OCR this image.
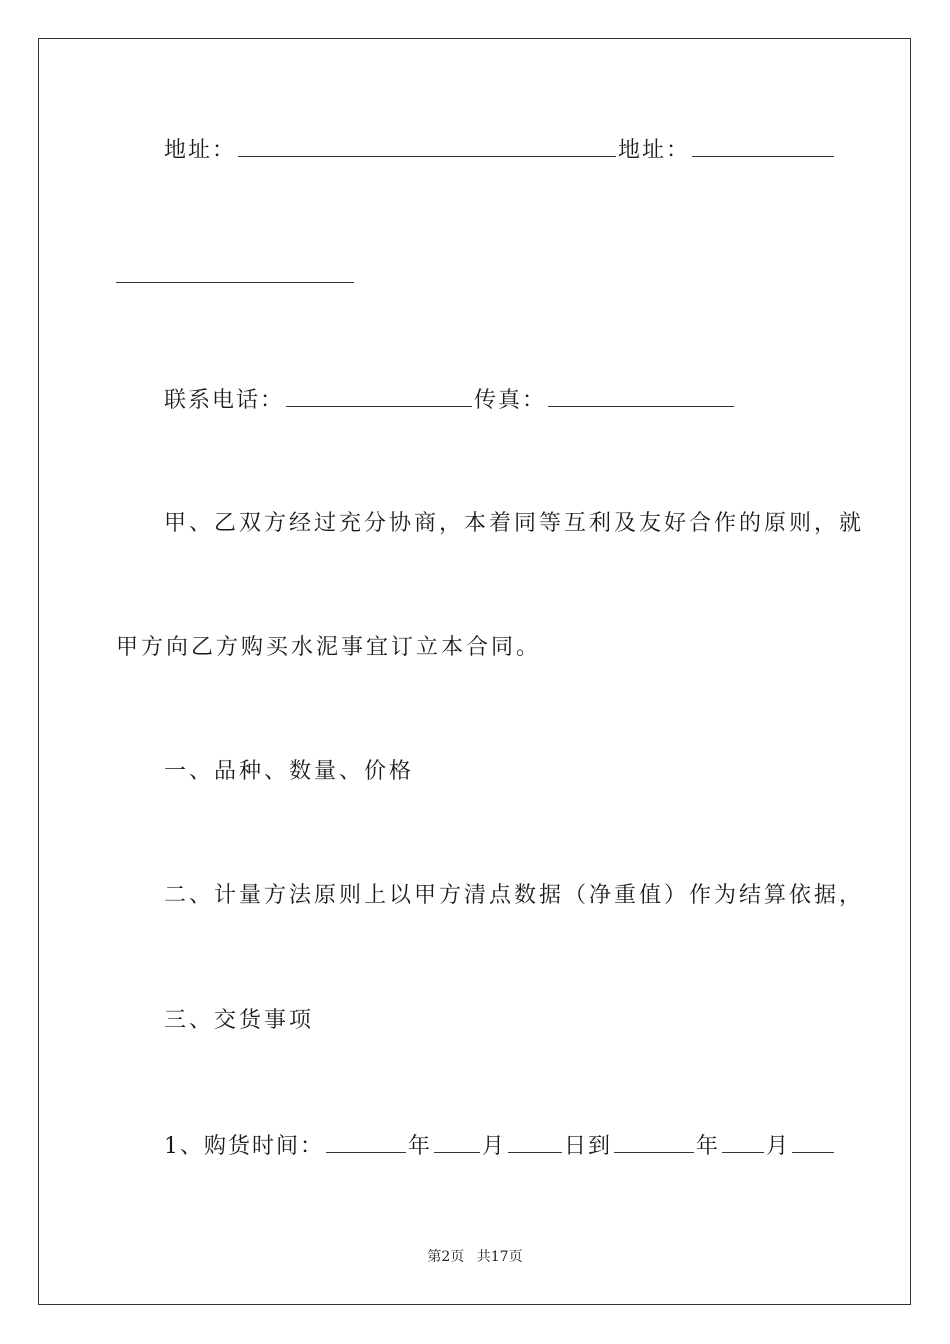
地址：	地址：
联系电话：	传真：
甲、乙双方经过充分协商，本着同等互利及友好合作的原则，就
甲方向乙方购买水泥事宜订立本合同。
一、品种、数量、价格
二、计量方法原则上以甲方清点数据（净重值）作为结算依据，
三、交货事项
1、购货时间：	年 月	日到	年 月
第2页 共17页
